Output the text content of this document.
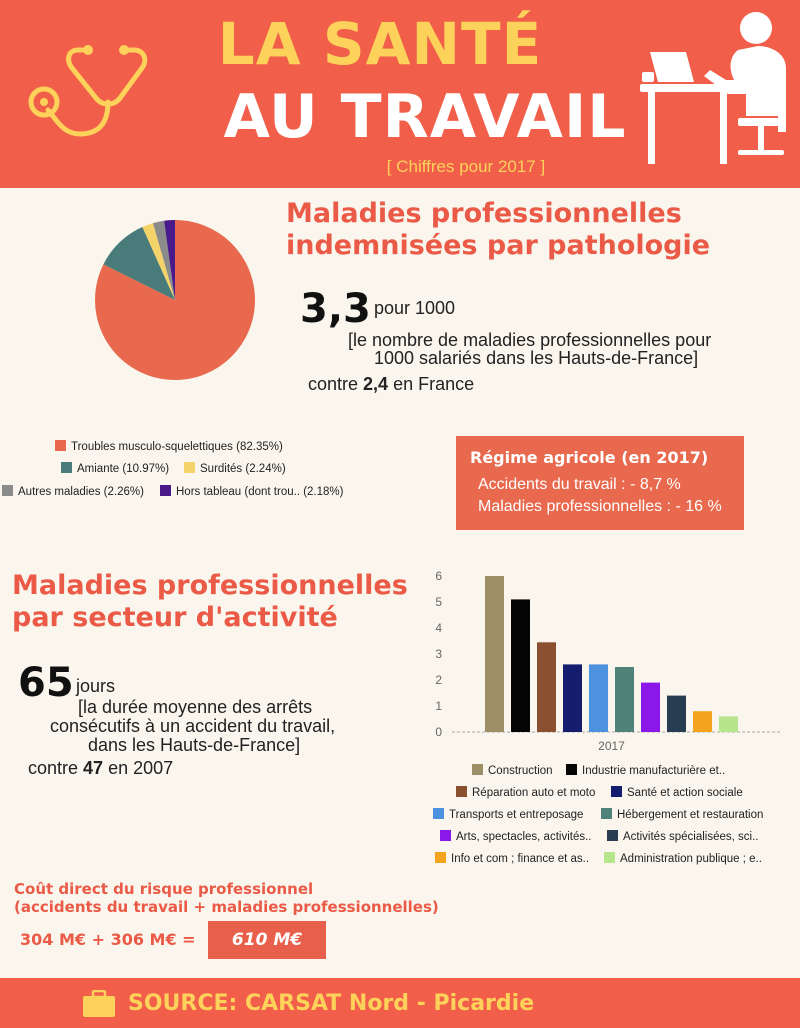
LA SANTÉ
AU TRAVAIL
[ Chiffres pour 2017 ]
Maladies professionnelles
indemnisées par pathologie
3,3 pour 1000
[le nombre de maladies professionnelles pour
1000 salariés dans les Hauts-de-France]
contre 2,4 en France
Troubles musculo-squelettiques (82.35%)
Amiante (10.97%)	Surdités (2.24%)
Autres maladies (2.26%)	Hors tableau (dont trou.. (2.18%)
Régime agricole (en 2017)
Accidents du travail : - 8,7 %
Maladies professionnelles : - 16 %
Maladies professionnelles
par secteur d'activité
65 jours
[la durée moyenne des arrêts
consécutifs à un accident du travail,
dans les Hauts-de-France]
contre 47 en 2007
0
1
2
3
4
5
6
2017
Construction	Industrie manufacturière et..
Réparation auto et moto	Santé et action sociale
Transports et entreposage	Hébergement et restauration
Arts, spectacles, activités..	Activités spécialisées, sci..
Info et com ; finance et as..	Administration publique ; e..
Coût direct du risque professionnel
(accidents du travail + maladies professionnelles)
304 M€ + 306 M€ =	610 M€
SOURCE: CARSAT Nord - Picardie
